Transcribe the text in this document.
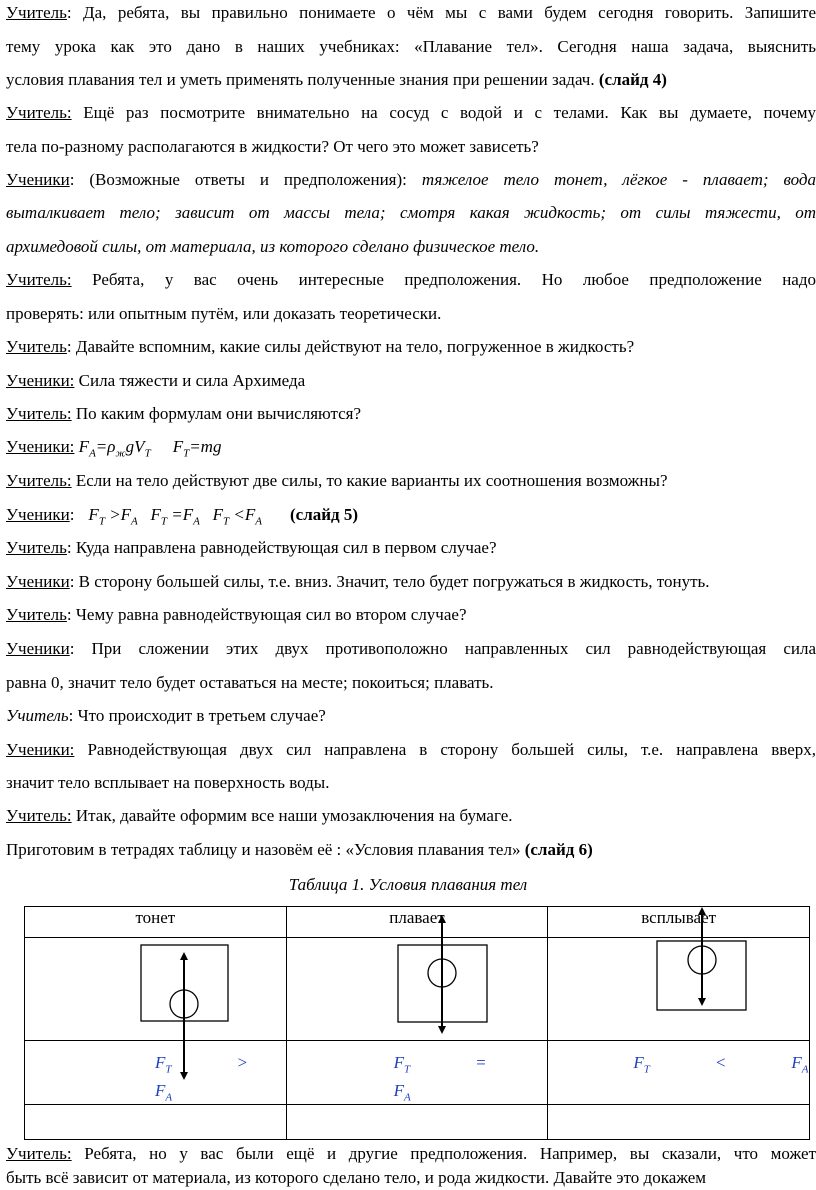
Учитель: Да, ребята, вы правильно понимаете о чём мы с вами будем сегодня говорить. Запишите
тему урока как это дано в наших учебниках: «Плавание тел». Сегодня наша задача, выяснить
условия плавания тел и уметь применять полученные знания при решении задач. (слайд 4)
Учитель: Ещё раз посмотрите внимательно на сосуд с водой и с телами. Как вы думаете, почему
тела по-разному располагаются в жидкости? От чего это может зависеть?
Ученики: (Возможные ответы и предположения): тяжелое тело тонет, лёгкое - плавает; вода
выталкивает тело; зависит от массы тела; смотря какая жидкость; от силы тяжести, от
архимедовой силы, от материала, из которого сделано физическое тело.
Учитель: Ребята, у вас очень интересные предположения. Но любое предположение надо
проверять: или опытным путём, или доказать теоретически.
Учитель: Давайте вспомним, какие силы действуют на тело, погруженное в жидкость?
Ученики: Сила тяжести и сила Архимеда
Учитель: По каким формулам они вычисляются?
Ученики: $F_A=\rho_жgV_T$ $F_T=mg$
Учитель: Если на тело действуют две силы, то какие варианты их соотношения возможны?
Ученики: $F_T >F_A$   $F_T =F_A$   $F_T <F_A$ (слайд 5)
Учитель: Куда направлена равнодействующая сил в первом случае?
Ученики: В сторону большей силы, т.е. вниз. Значит, тело будет погружаться в жидкость, тонуть.
Учитель: Чему равна равнодействующая сил во втором случае?
Ученики: При сложении этих двух противоположно направленных сил равнодействующая сила
равна 0, значит тело будет оставаться на месте; покоиться; плавать.
Учитель: Что происходит в третьем случае?
Ученики: Равнодействующая двух сил направлена в сторону большей силы, т.е. направлена вверх,
значит тело всплывает на поверхность воды.
Учитель: Итак, давайте оформим все наши умозаключения на бумаге.
Приготовим в тетрадях таблицу и назовём её : «Условия плавания тел» (слайд 6)
Таблица 1. Условия плавания тел
тонет	плавает	всплывает

$F_T >F_A$	$F_T =F_A$	$F_T < F_A$

Учитель: Ребята, но у вас были ещё и другие предположения. Например, вы сказали, что может
быть всё зависит от материала, из которого сделано тело, и рода жидкости. Давайте это докажем
